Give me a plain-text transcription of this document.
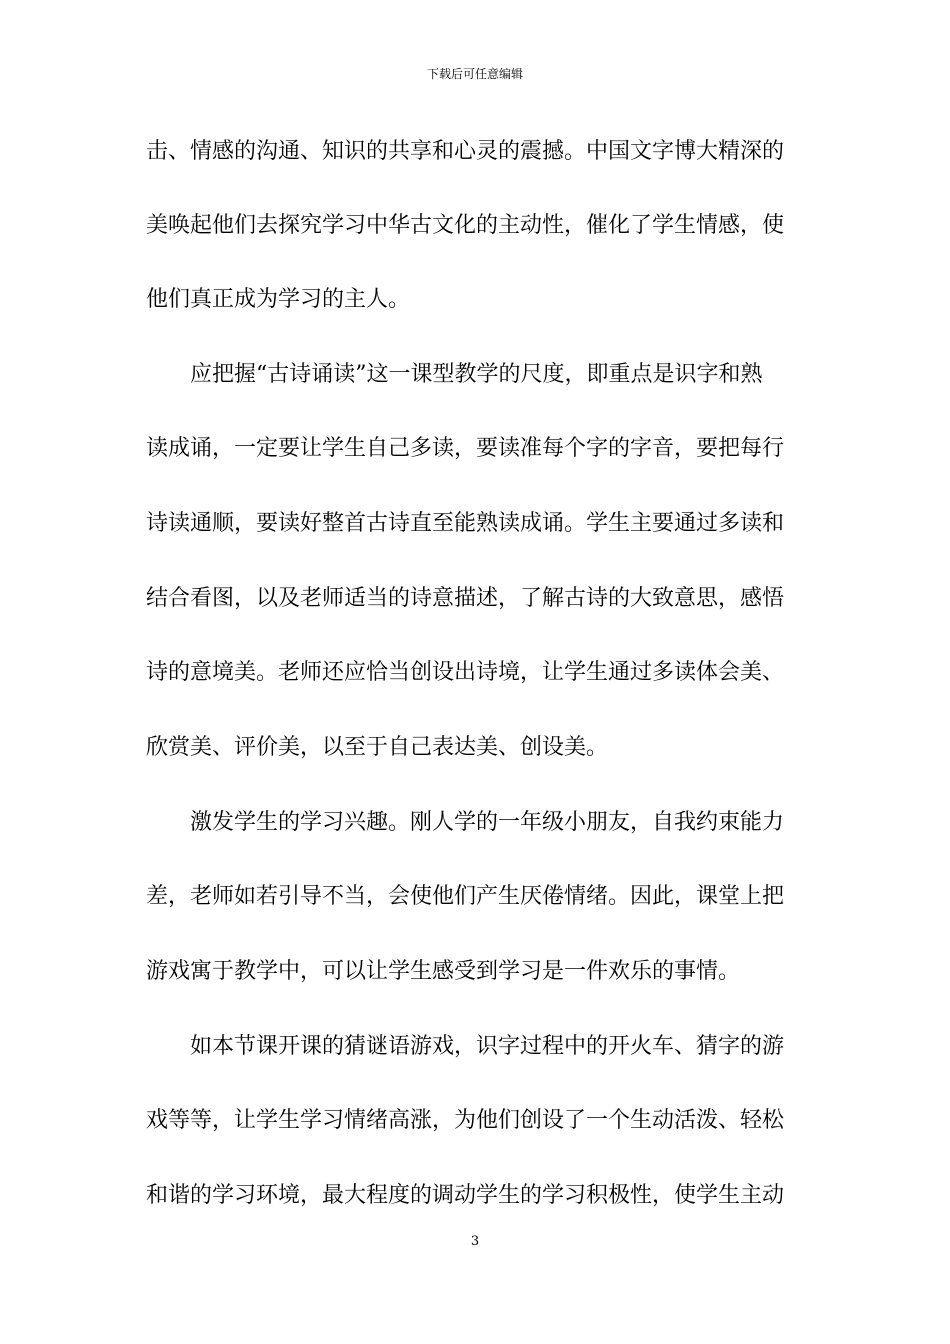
下载后可任意编辑
击、情感的沟通、知识的共享和心灵的震撼。中国文字博大精深的
美唤起他们去探究学习中华古文化的主动性，催化了学生情感，使
他们真正成为学习的主人。
　　应把握“古诗诵读”这一课型教学的尺度，即重点是识字和熟
读成诵，一定要让学生自己多读，要读准每个字的字音，要把每行
诗读通顺，要读好整首古诗直至能熟读成诵。学生主要通过多读和
结合看图，以及老师适当的诗意描述，了解古诗的大致意思，感悟
诗的意境美。老师还应恰当创设出诗境，让学生通过多读体会美、
欣赏美、评价美，以至于自己表达美、创设美。
　　激发学生的学习兴趣。刚人学的一年级小朋友，自我约束能力
差，老师如若引导不当，会使他们产生厌倦情绪。因此，课堂上把
游戏寓于教学中，可以让学生感受到学习是一件欢乐的事情。
　　如本节课开课的猜谜语游戏，识字过程中的开火车、猜字的游
戏等等，让学生学习情绪高涨，为他们创设了一个生动活泼、轻松
和谐的学习环境，最大程度的调动学生的学习积极性，使学生主动
3
